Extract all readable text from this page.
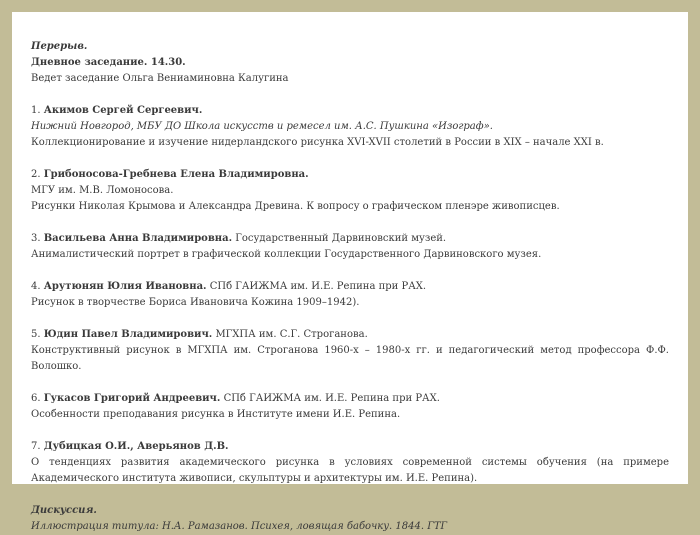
Перерыв.

Дневное заседание. 14.30.

Ведет заседание Ольга Вениаминовна Калугина

1. Акимов Сергей Сергеевич.

Нижний Новгород, МБУ ДО Школа искусств и ремесел им. А.С. Пушкина «Изограф».

Коллекционирование и изучение нидерландского рисунка XVI-XVII столетий в России в XIX – начале XXI в.

2. Грибоносова-Гребнева Елена Владимировна.

МГУ им. М.В. Ломоносова.

Рисунки Николая Крымова и Александра Древина. К вопросу о графическом пленэре живописцев.

3. Васильева Анна Владимировна. Государственный Дарвиновский музей.

Анималистический портрет в графической коллекции Государственного Дарвиновского музея.

4. Арутюнян Юлия Ивановна. СПб ГАИЖМА им. И.Е. Репина при РАХ.

Рисунок в творчестве Бориса Ивановича Кожина 1909–1942).

5. Юдин Павел Владимирович. МГХПА им. С.Г. Строганова.

Конструктивный рисунок в МГХПА им. Строганова 1960-х – 1980-х гг. и педагогический метод профессора Ф.Ф. Волошко.

6. Гукасов Григорий Андреевич. СПб ГАИЖМА им. И.Е. Репина при РАХ.

Особенности преподавания рисунка в Институте имени И.Е. Репина.

7. Дубицкая О.И., Аверьянов Д.В.

О тенденциях развития академического рисунка в условиях современной системы обучения (на примере Академического института живописи, скульптуры и архитектуры им. И.Е. Репина).

Дискуссия.

Иллюстрация титула: Н.А. Рамазанов. Психея, ловящая бабочку. 1844. ГТГ
